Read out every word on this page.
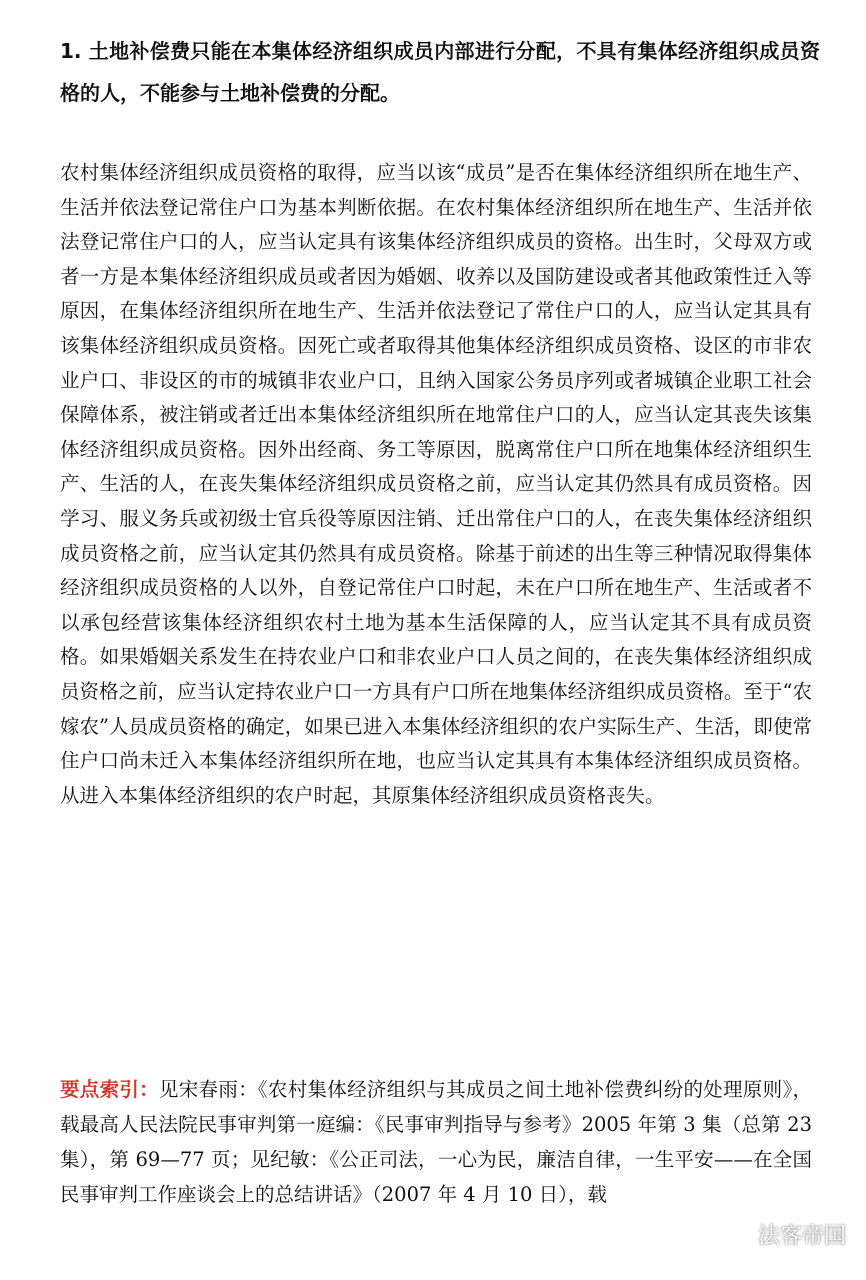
1. 土地补偿费只能在本集体经济组织成员内部进行分配，不具有集体经济组织成员资格的人，不能参与土地补偿费的分配。

农村集体经济组织成员资格的取得，应当以该“成员”是否在集体经济组织所在地生产、生活并依法登记常住户口为基本判断依据。在农村集体经济组织所在地生产、生活并依法登记常住户口的人，应当认定具有该集体经济组织成员的资格。出生时，父母双方或者一方是本集体经济组织成员或者因为婚姻、收养以及国防建设或者其他政策性迁入等原因，在集体经济组织所在地生产、生活并依法登记了常住户口的人，应当认定其具有该集体经济组织成员资格。因死亡或者取得其他集体经济组织成员资格、设区的市非农业户口、非设区的市的城镇非农业户口，且纳入国家公务员序列或者城镇企业职工社会保障体系，被注销或者迁出本集体经济组织所在地常住户口的人，应当认定其丧失该集体经济组织成员资格。因外出经商、务工等原因，脱离常住户口所在地集体经济组织生产、生活的人，在丧失集体经济组织成员资格之前，应当认定其仍然具有成员资格。因学习、服义务兵或初级士官兵役等原因注销、迁出常住户口的人，在丧失集体经济组织成员资格之前，应当认定其仍然具有成员资格。除基于前述的出生等三种情况取得集体经济组织成员资格的人以外，自登记常住户口时起，未在户口所在地生产、生活或者不以承包经营该集体经济组织农村土地为基本生活保障的人，应当认定其不具有成员资格。如果婚姻关系发生在持农业户口和非农业户口人员之间的，在丧失集体经济组织成员资格之前，应当认定持农业户口一方具有户口所在地集体经济组织成员资格。至于“农嫁农”人员成员资格的确定，如果已进入本集体经济组织的农户实际生产、生活，即使常住户口尚未迁入本集体经济组织所在地，也应当认定其具有本集体经济组织成员资格。从进入本集体经济组织的农户时起，其原集体经济组织成员资格丧失。

要点索引：见宋春雨：《农村集体经济组织与其成员之间土地补偿费纠纷的处理原则》，载最高人民法院民事审判第一庭编：《民事审判指导与参考》2005 年第 3 集（总第 23 集），第 69—77 页；见纪敏：《公正司法，一心为民，廉洁自律，一生平安——在全国民事审判工作座谈会上的总结讲话》（2007 年 4 月 10 日），载

法客帝国
